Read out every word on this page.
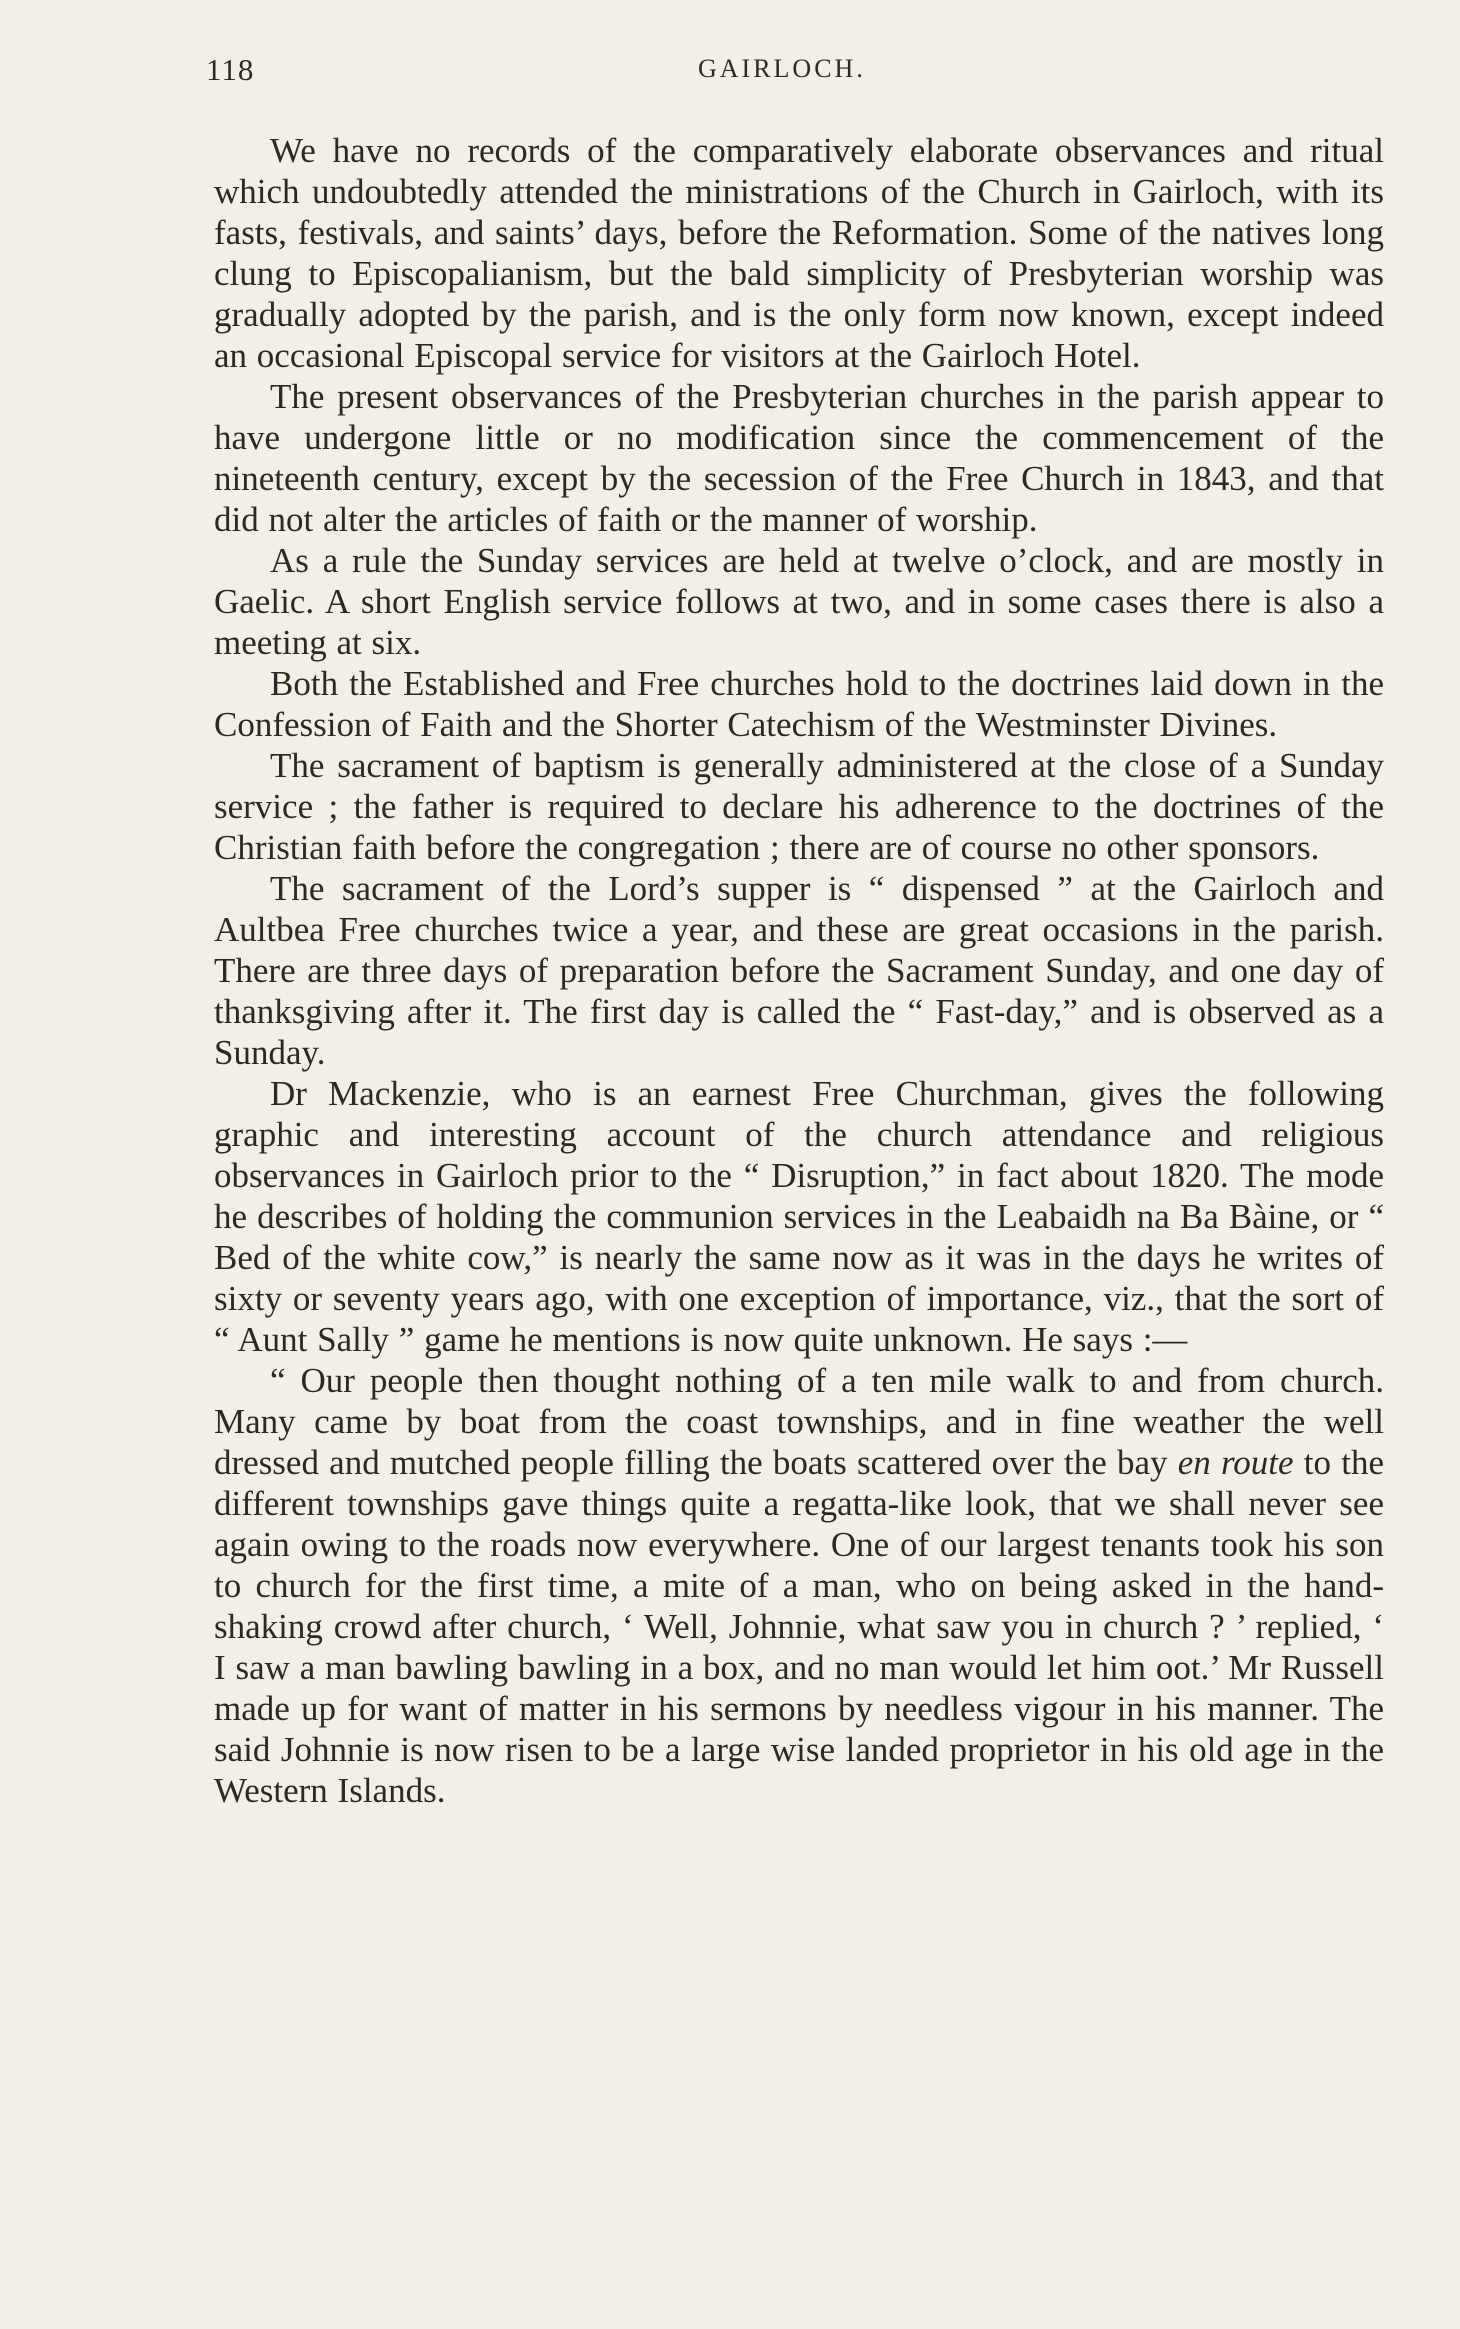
118	GAIRLOCH.

We have no records of the comparatively elaborate observances and ritual which undoubtedly attended the ministrations of the Church in Gairloch, with its fasts, festivals, and saints’ days, before the Reformation. Some of the natives long clung to Episcopalianism, but the bald simplicity of Presbyterian worship was gradually adopted by the parish, and is the only form now known, except indeed an occasional Episcopal service for visitors at the Gairloch Hotel.

The present observances of the Presbyterian churches in the parish appear to have undergone little or no modification since the commencement of the nineteenth century, except by the secession of the Free Church in 1843, and that did not alter the articles of faith or the manner of worship.

As a rule the Sunday services are held at twelve o’clock, and are mostly in Gaelic. A short English service follows at two, and in some cases there is also a meeting at six.

Both the Established and Free churches hold to the doctrines laid down in the Confession of Faith and the Shorter Catechism of the Westminster Divines.

The sacrament of baptism is generally administered at the close of a Sunday service ; the father is required to declare his adherence to the doctrines of the Christian faith before the congregation ; there are of course no other sponsors.

The sacrament of the Lord’s supper is “ dispensed ” at the Gairloch and Aultbea Free churches twice a year, and these are great occasions in the parish. There are three days of preparation before the Sacrament Sunday, and one day of thanksgiving after it. The first day is called the “ Fast-day,” and is observed as a Sunday.

Dr Mackenzie, who is an earnest Free Churchman, gives the following graphic and interesting account of the church attendance and religious observances in Gairloch prior to the “ Disruption,” in fact about 1820. The mode he describes of holding the communion services in the Leabaidh na Ba Bàine, or “ Bed of the white cow,” is nearly the same now as it was in the days he writes of sixty or seventy years ago, with one exception of importance, viz., that the sort of “ Aunt Sally ” game he mentions is now quite unknown. He says :—

“ Our people then thought nothing of a ten mile walk to and from church. Many came by boat from the coast townships, and in fine weather the well dressed and mutched people filling the boats scattered over the bay en route to the different townships gave things quite a regatta-like look, that we shall never see again owing to the roads now everywhere. One of our largest tenants took his son to church for the first time, a mite of a man, who on being asked in the hand-shaking crowd after church, ‘ Well, Johnnie, what saw you in church ? ’ replied, ‘ I saw a man bawling bawling in a box, and no man would let him oot.’ Mr Russell made up for want of matter in his sermons by needless vigour in his manner. The said Johnnie is now risen to be a large wise landed proprietor in his old age in the Western Islands.
